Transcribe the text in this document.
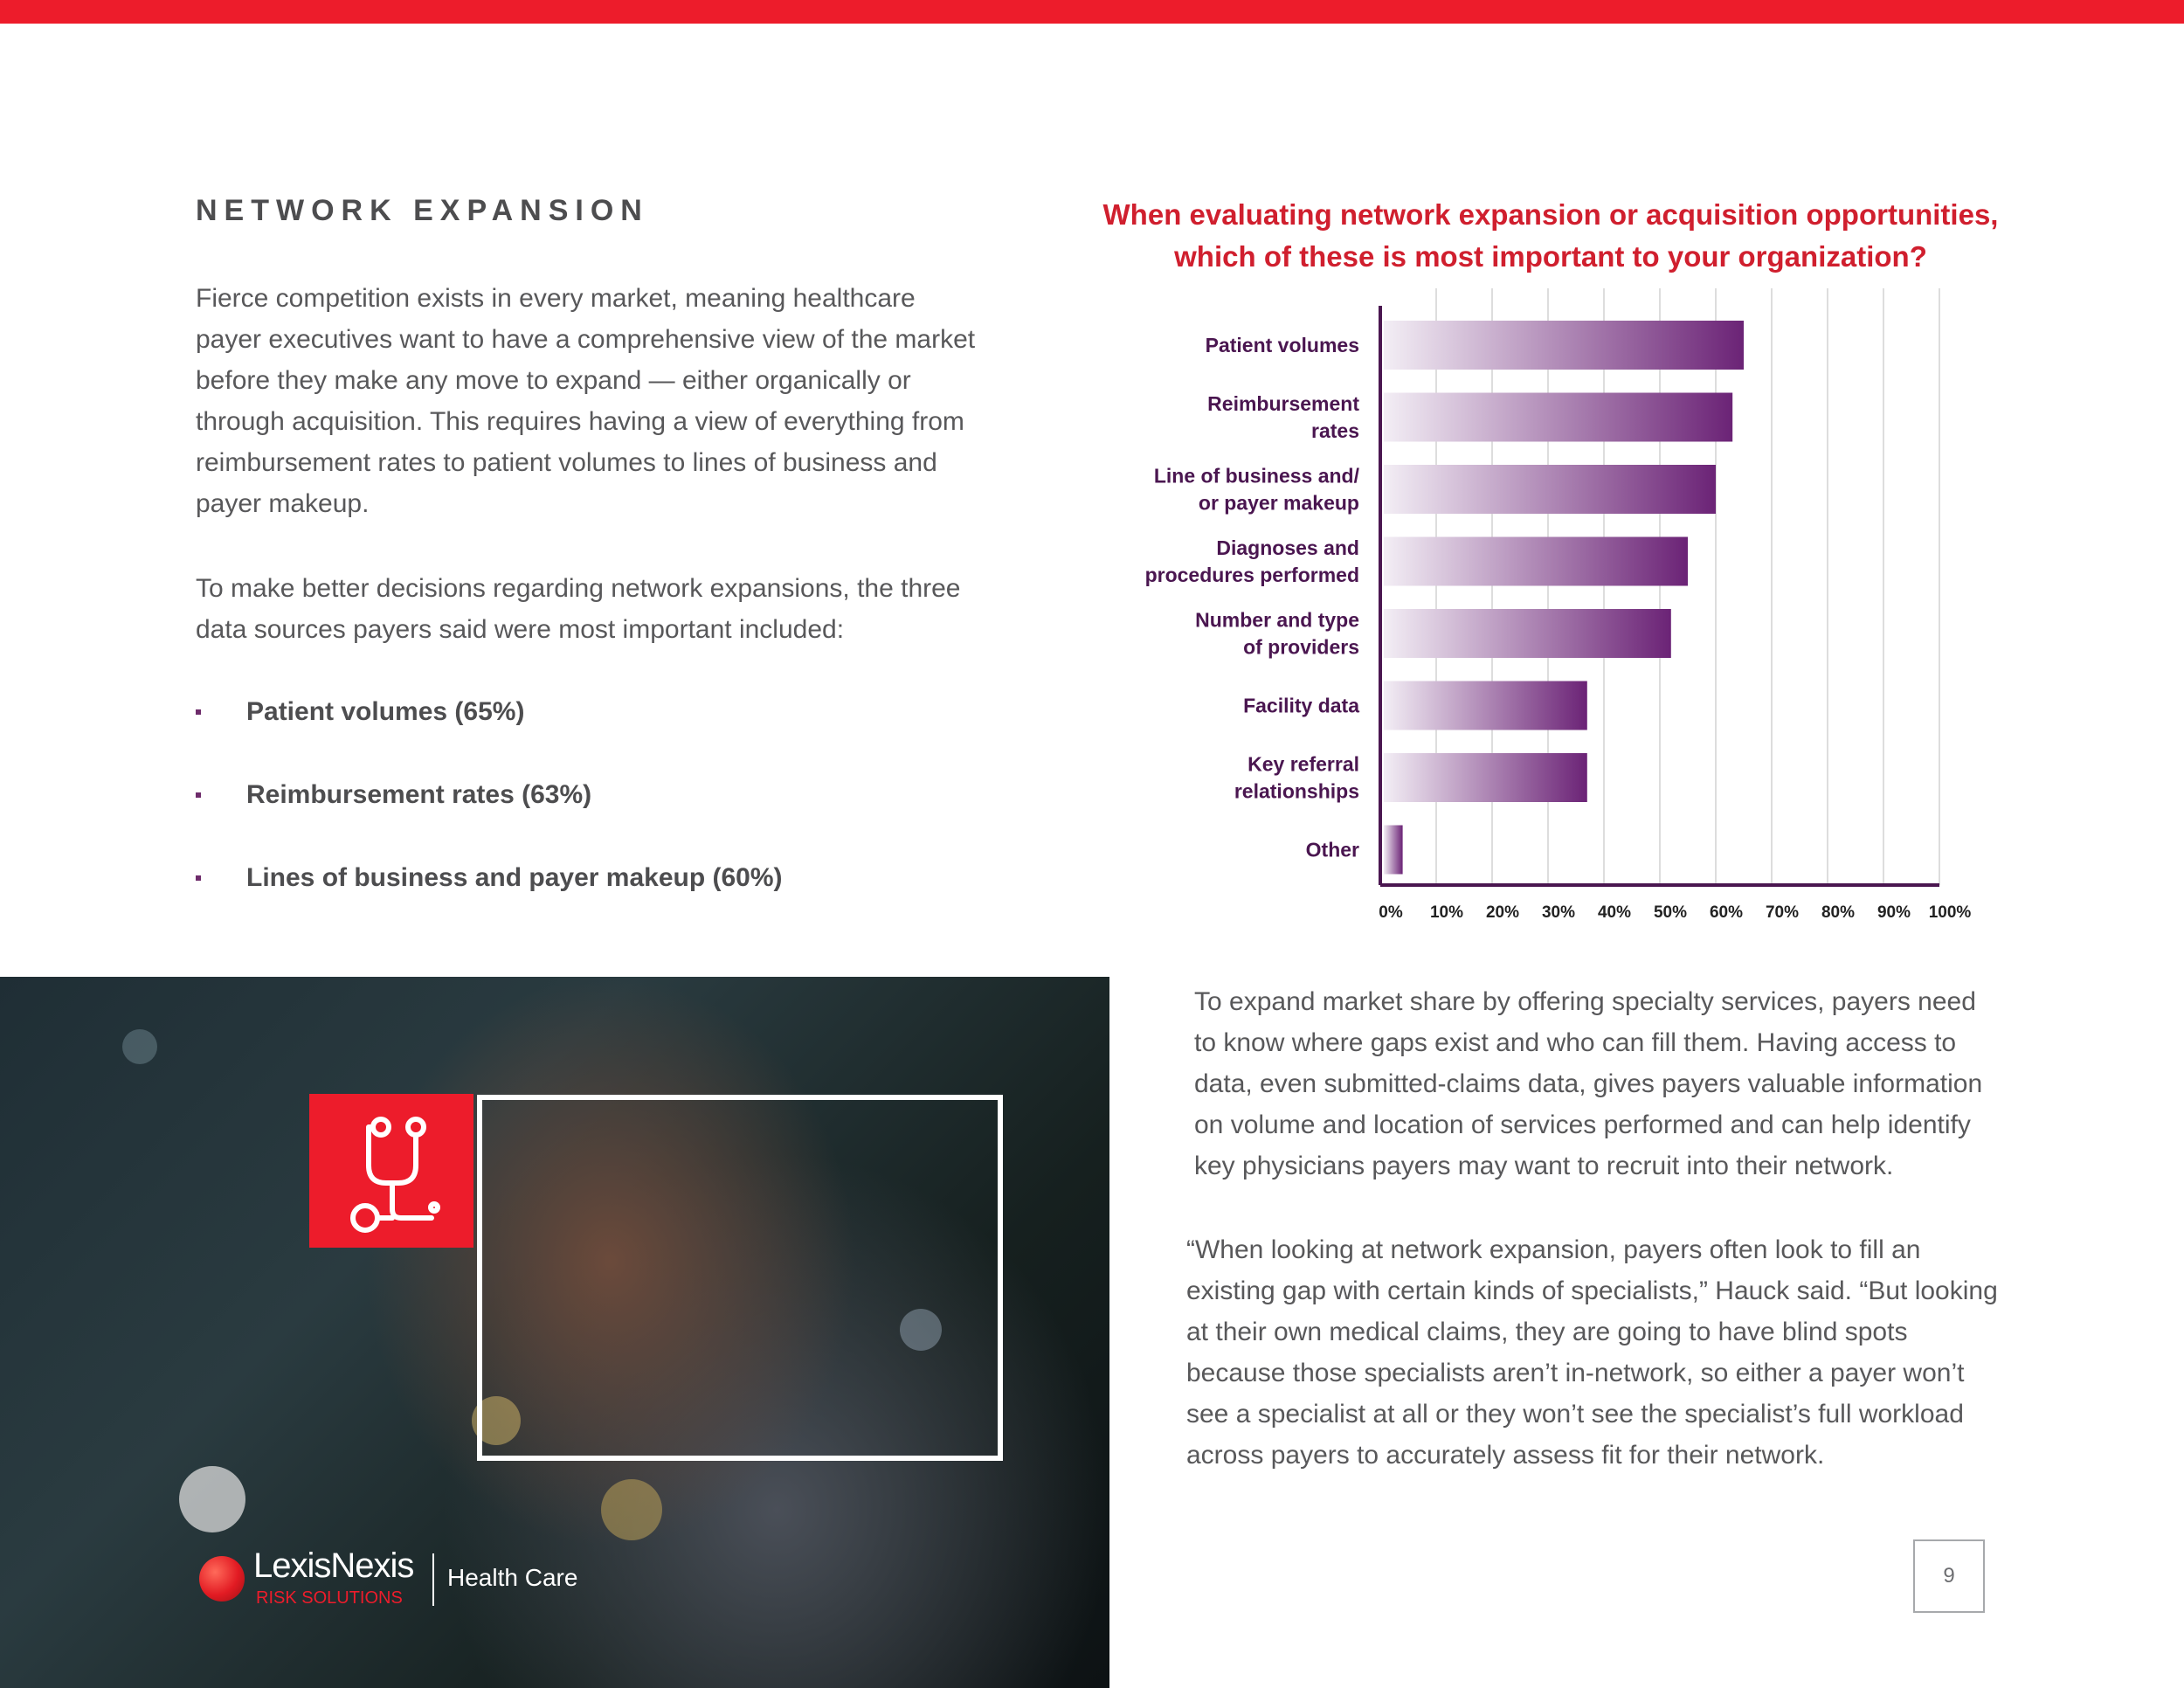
NETWORK EXPANSION

Fierce competition exists in every market, meaning healthcare payer executives want to have a comprehensive view of the market before they make any move to expand — either organically or through acquisition. This requires having a view of everything from reimbursement rates to patient volumes to lines of business and payer makeup.

To make better decisions regarding network expansions, the three data sources payers said were most important included:

Patient volumes (65%)
Reimbursement rates (63%)
Lines of business and payer makeup (60%)

When evaluating network expansion or acquisition opportunities, which of these is most important to your organization?

Patient volumes
Reimbursement
rates
Line of business and/
or payer makeup
Diagnoses and
procedures performed
Number and type
of providers
Facility data
Key referral
relationships
Other
0% 10% 20% 30% 40% 50% 60% 70% 80% 90% 100%

To expand market share by offering specialty services, payers need to know where gaps exist and who can fill them. Having access to data, even submitted-claims data, gives payers valuable information on volume and location of services performed and can help identify key physicians payers may want to recruit into their network.

“When looking at network expansion, payers often look to fill an existing gap with certain kinds of specialists,” Hauck said. “But looking at their own medical claims, they are going to have blind spots because those specialists aren’t in-network, so either a payer won’t see a specialist at all or they won’t see the specialist’s full workload across payers to accurately assess fit for their network.

LexisNexis
RISK SOLUTIONS
Health Care	9
